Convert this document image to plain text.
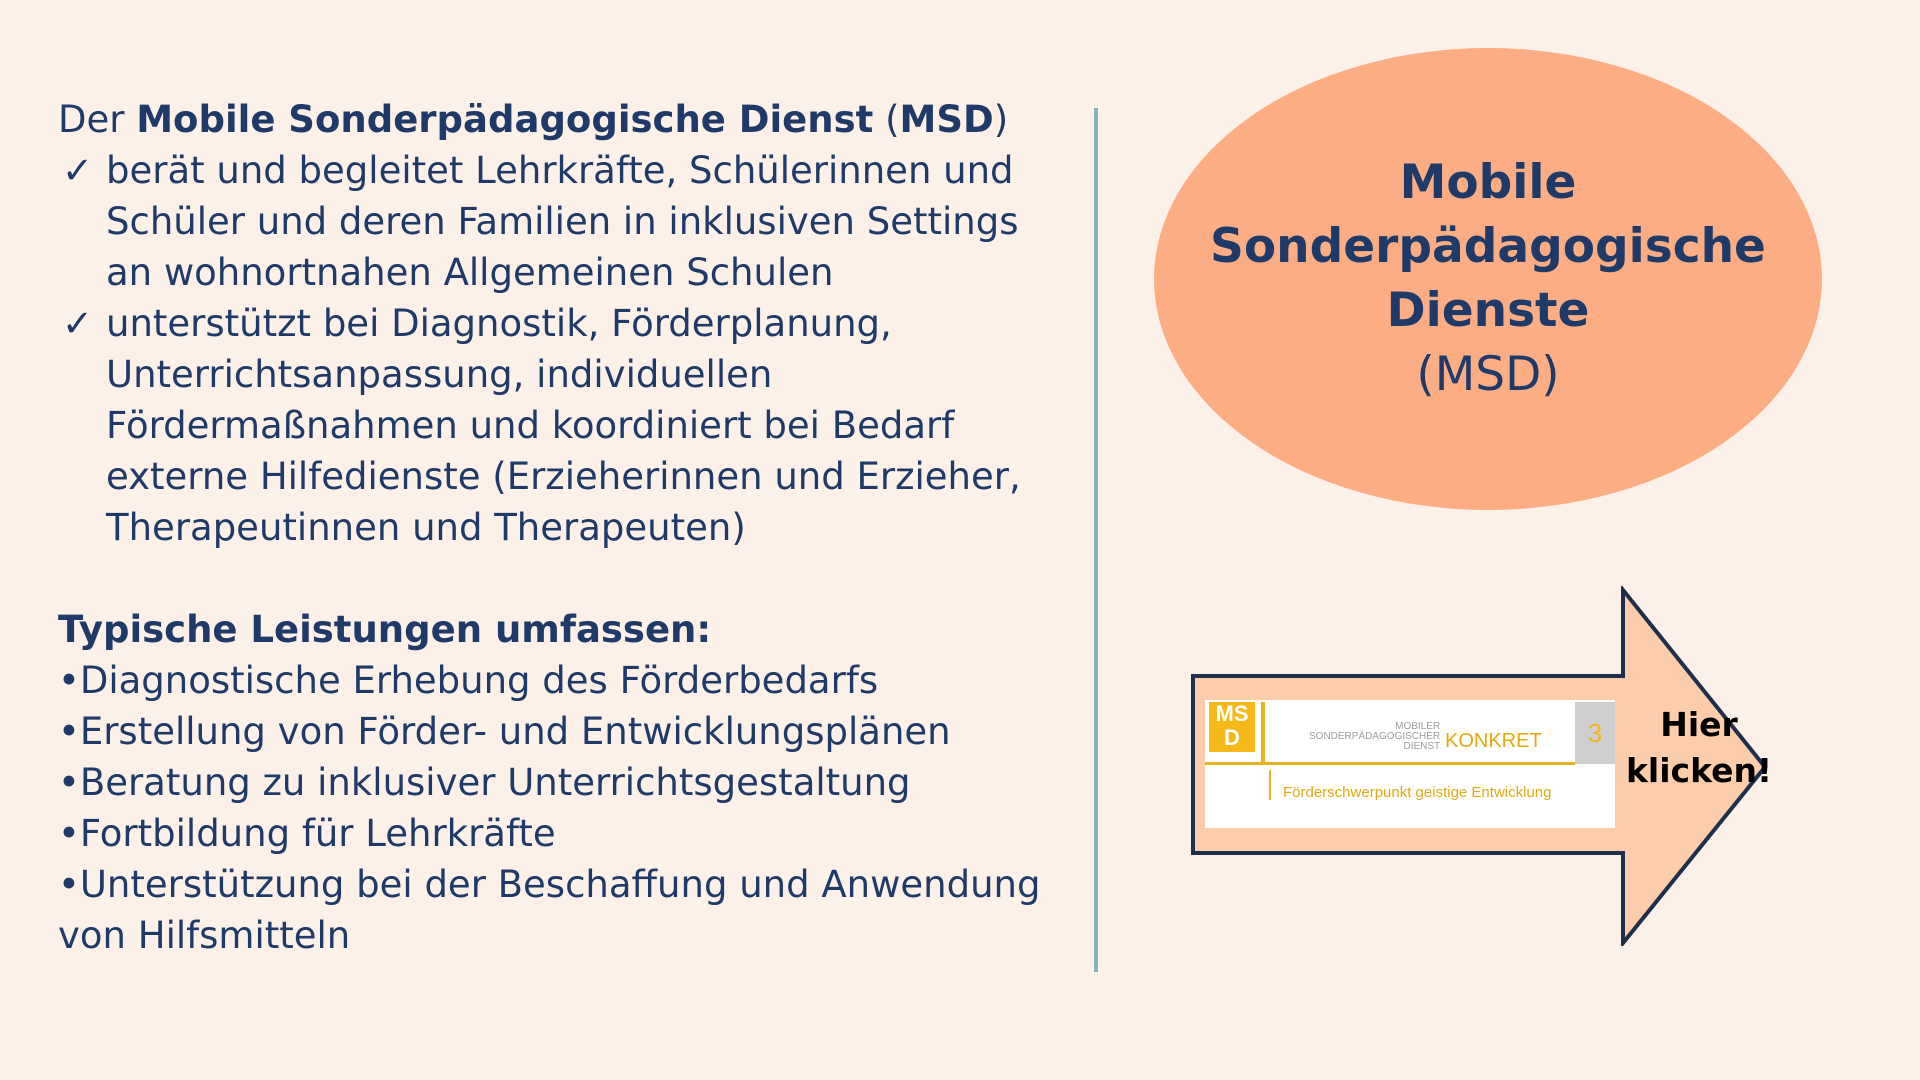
Der Mobile Sonderpädagogische Dienst (MSD)

✓ berät und begleitet Lehrkräfte, Schülerinnen und Schüler und deren Familien in inklusiven Settings an wohnortnahen Allgemeinen Schulen
✓ unterstützt bei Diagnostik, Förderplanung, Unterrichtsanpassung, individuellen Fördermaßnahmen und koordiniert bei Bedarf externe Hilfedienste (Erzieherinnen und Erzieher, Therapeutinnen und Therapeuten)

Typische Leistungen umfassen:

•Diagnostische Erhebung des Förderbedarfs
•Erstellung von Förder- und Entwicklungsplänen
•Beratung zu inklusiver Unterrichtsgestaltung
•Fortbildung für Lehrkräfte
•Unterstützung bei der Beschaffung und Anwendung von Hilfsmitteln
Mobile
Sonderpädagogische
Dienste
(MSD)
MS
D	MOBILER
SONDERPÄDAGOGISCHER
DIENST KONKRET	3
Förderschwerpunkt geistige Entwicklung
Hier
klicken!
